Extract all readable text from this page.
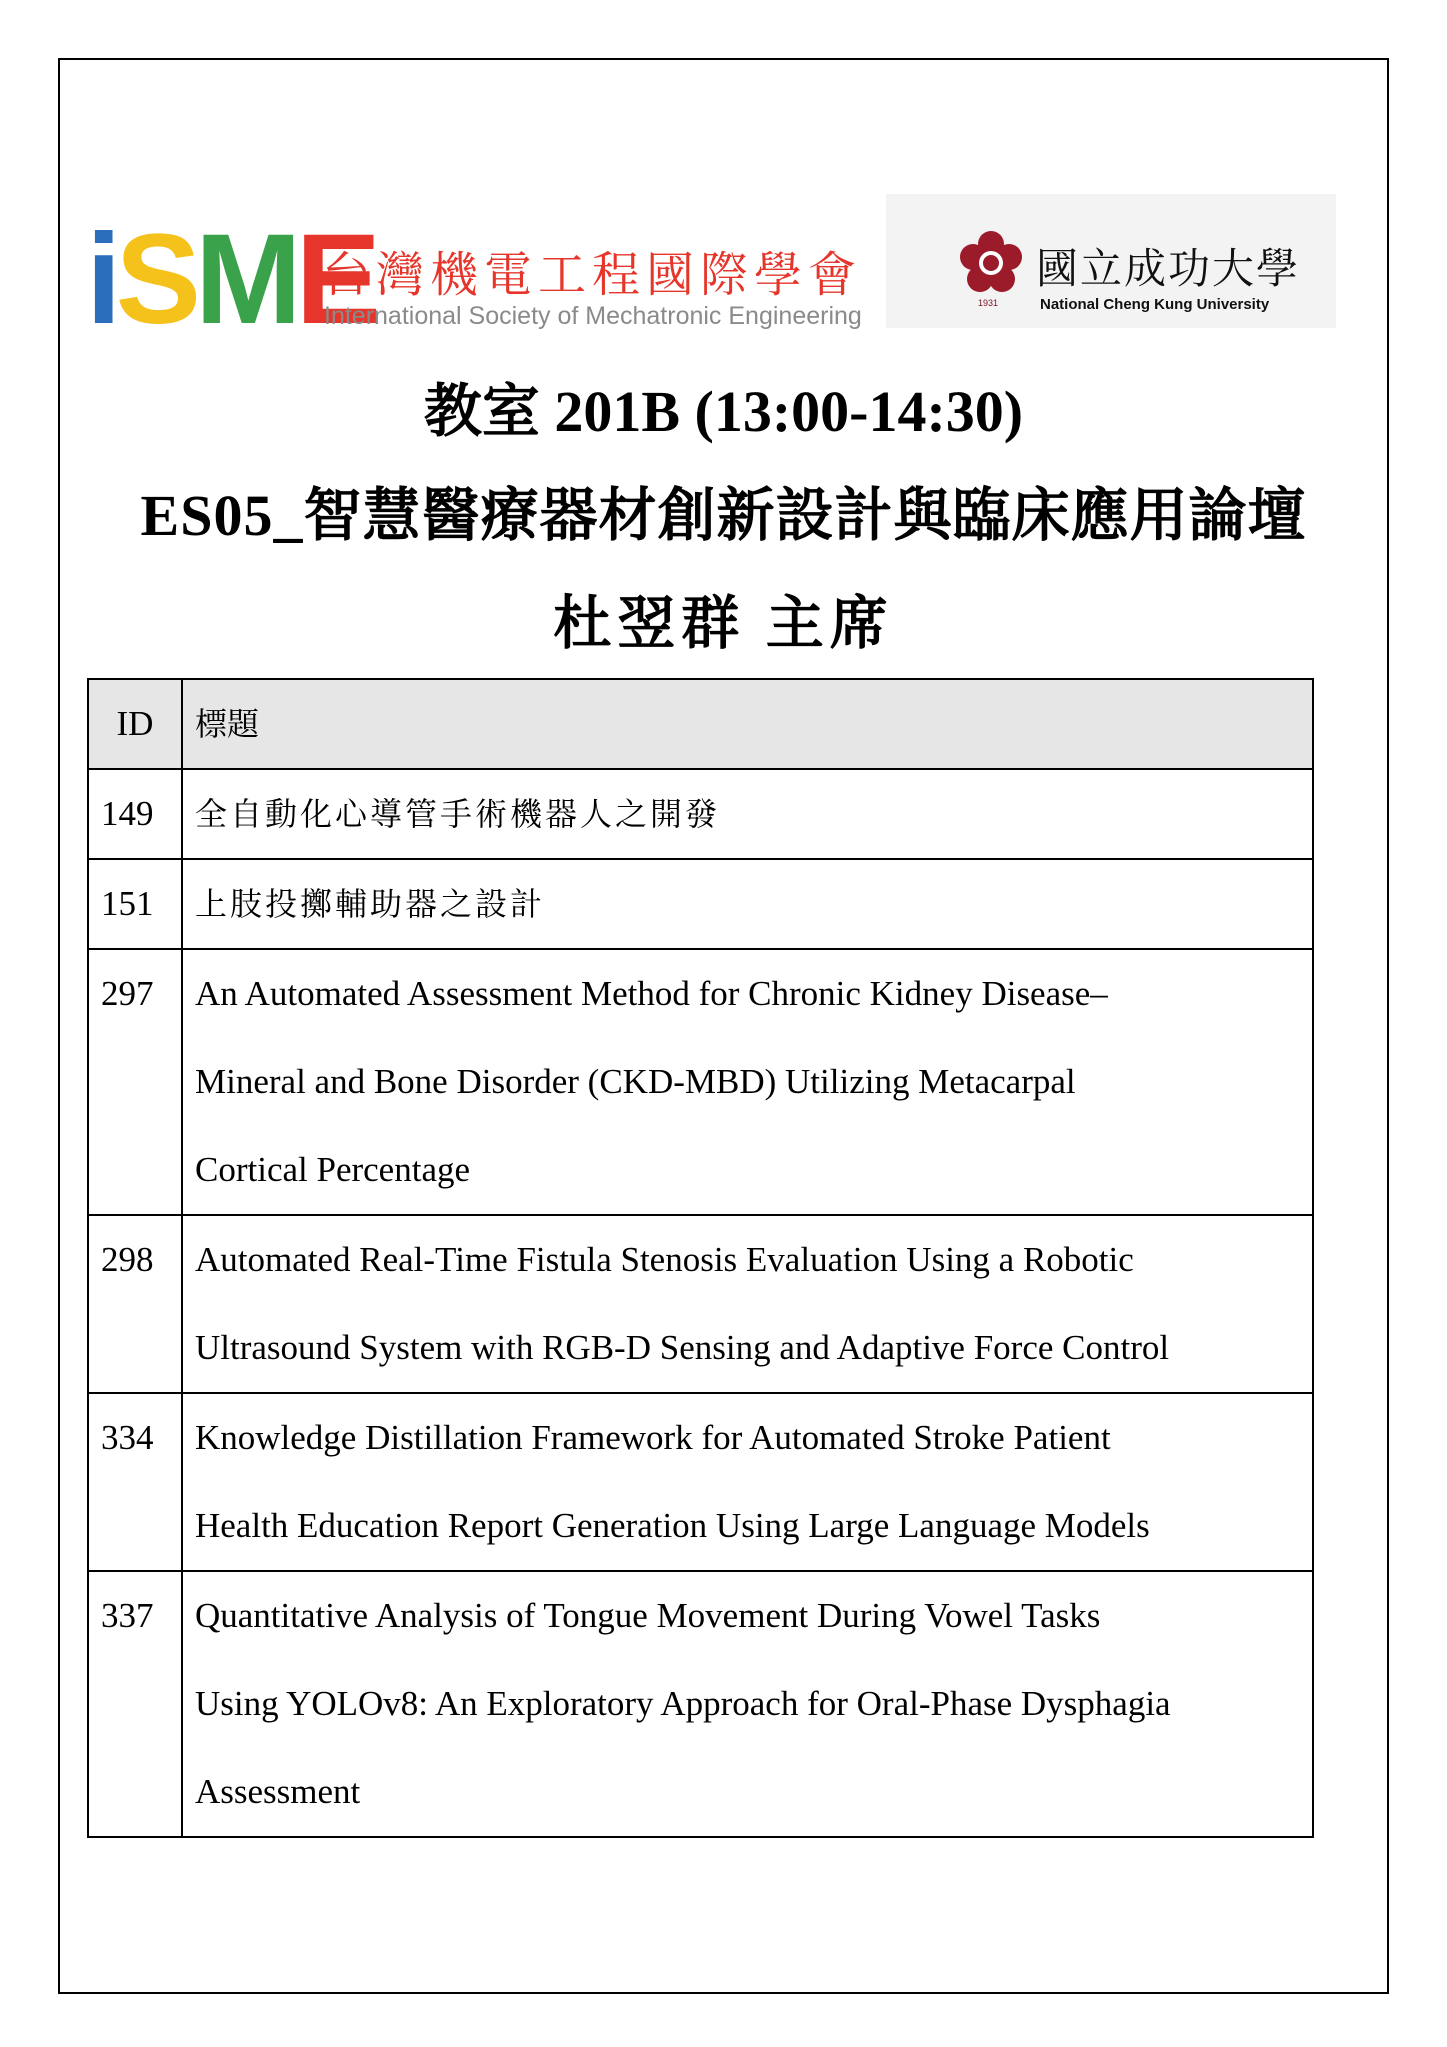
i S M E
台灣機電工程國際學會
International Society of Mechatronic Engineering	1931
國立成功大學
National Cheng Kung University
教室 201B (13:00-14:30)
ES05_智慧醫療器材創新設計與臨床應用論壇
杜翌群 主席
ID	標題
149	全自動化心導管手術機器人之開發

151	上肢投擲輔助器之設計

297	An Automated Assessment Method for Chronic Kidney Disease–
Mineral and Bone Disorder (CKD-MBD) Utilizing Metacarpal
Cortical Percentage

298	Automated Real-Time Fistula Stenosis Evaluation Using a Robotic
Ultrasound System with RGB-D Sensing and Adaptive Force Control

334	Knowledge Distillation Framework for Automated Stroke Patient
Health Education Report Generation Using Large Language Models

337	Quantitative Analysis of Tongue Movement During Vowel Tasks
Using YOLOv8: An Exploratory Approach for Oral-Phase Dysphagia
Assessment
